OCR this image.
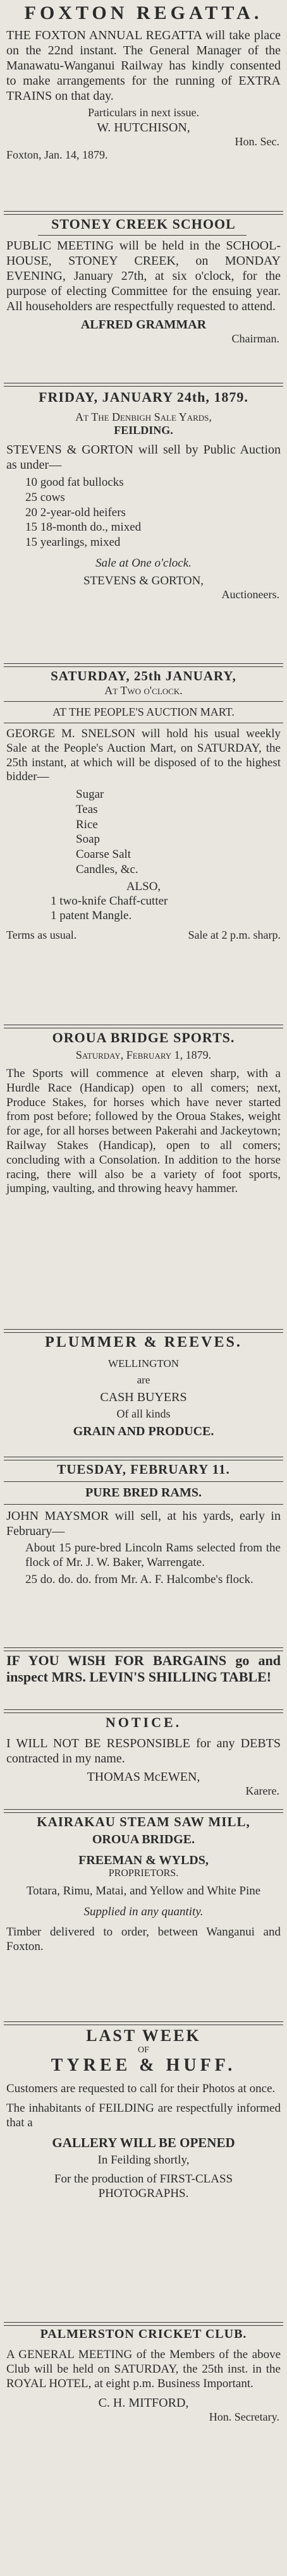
FOXTON REGATTA.
THE FOXTON ANNUAL REGATTA will take place on the 22nd instant. The General Manager of the Manawatu-Wanganui Railway has kindly consented to make arrangements for the running of EXTRA TRAINS on that day.
Particulars in next issue.
W. HUTCHISON,
Hon. Sec.
Foxton, Jan. 14, 1879.
STONEY CREEK SCHOOL
PUBLIC MEETING will be held in the SCHOOL-HOUSE, STONEY CREEK, on MONDAY EVENING, January 27th, at six o'clock, for the purpose of electing Committee for the ensuing year. All householders are respectfully requested to attend.
ALFRED GRAMMAR
Chairman.
FRIDAY, JANUARY 24th, 1879.
At The Denbigh Sale Yards,
FEILDING.
STEVENS & GORTON will sell by Public Auction as under—
10 good fat bullocks
25 cows
20 2-year-old heifers
15 18-month do., mixed
15 yearlings, mixed
Sale at One o'clock.
STEVENS & GORTON,
Auctioneers.
SATURDAY, 25th JANUARY,
At Two o'clock.
AT THE PEOPLE'S AUCTION MART.
GEORGE M. SNELSON will hold his usual weekly Sale at the People's Auction Mart, on SATURDAY, the 25th instant, at which will be disposed of to the highest bidder—
Sugar
Teas
Rice
Soap
Coarse Salt
Candles, &c.
ALSO,
1 two-knife Chaff-cutter
1 patent Mangle.
Terms as usual.	Sale at 2 p.m. sharp.
OROUA BRIDGE SPORTS.
Saturday, February 1, 1879.
The Sports will commence at eleven sharp, with a Hurdle Race (Handicap) open to all comers; next, Produce Stakes, for horses which have never started from post before; followed by the Oroua Stakes, weight for age, for all horses between Pakerahi and Jackeytown; Railway Stakes (Handicap), open to all comers; concluding with a Consolation. In addition to the horse racing, there will also be a variety of foot sports, jumping, vaulting, and throwing heavy hammer.
PLUMMER & REEVES.
WELLINGTON
are
CASH BUYERS
Of all kinds
GRAIN AND PRODUCE.
TUESDAY, FEBRUARY 11.
PURE BRED RAMS.
JOHN MAYSMOR will sell, at his yards, early in February—
About 15 pure-bred Lincoln Rams selected from the flock of Mr. J. W. Baker, Warrengate.
25 do. do. do. from Mr. A. F. Halcombe's flock.
IF YOU WISH FOR BARGAINS go and inspect MRS. LEVIN'S SHILLING TABLE!
NOTICE.
I WILL NOT BE RESPONSIBLE for any DEBTS contracted in my name.
THOMAS McEWEN,
Karere.
KAIRAKAU STEAM SAW MILL,
OROUA BRIDGE.
FREEMAN & WYLDS,
PROPRIETORS.
Totara, Rimu, Matai, and Yellow and White Pine
Supplied in any quantity.
Timber delivered to order, between Wanganui and Foxton.
LAST WEEK
OF
TYREE & HUFF.
Customers are requested to call for their Photos at once.
The inhabitants of FEILDING are respectfully informed that a
GALLERY WILL BE OPENED
In Feilding shortly,
For the production of FIRST-CLASS PHOTOGRAPHS.
PALMERSTON CRICKET CLUB.
A GENERAL MEETING of the Members of the above Club will be held on SATURDAY, the 25th inst. in the ROYAL HOTEL, at eight p.m. Business Important.
C. H. MITFORD,
Hon. Secretary.
